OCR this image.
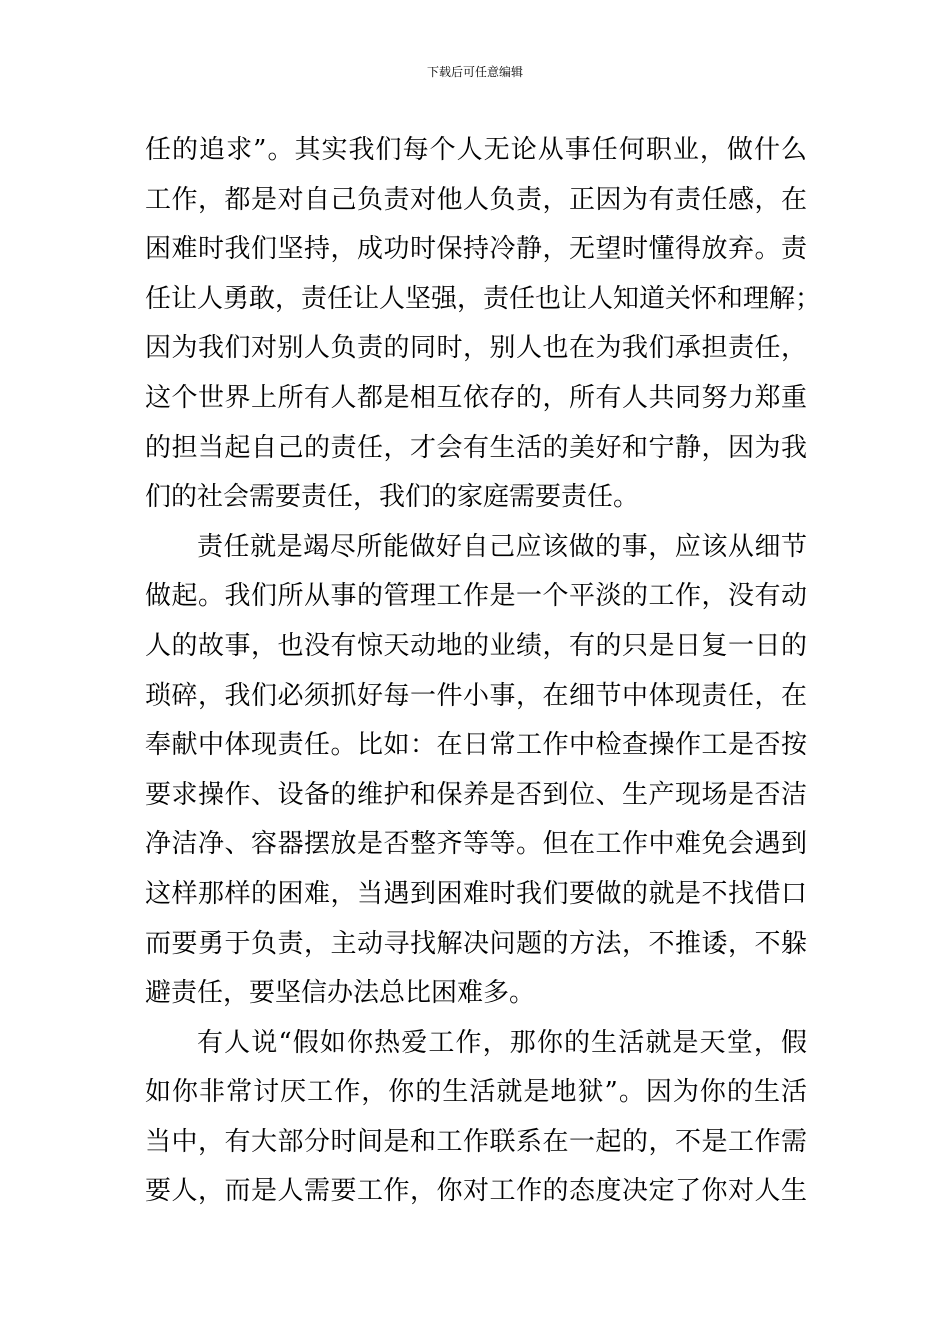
下载后可任意编辑
任的追求”。其实我们每个人无论从事任何职业，做什么
工作，都是对自己负责对他人负责，正因为有责任感，在
困难时我们坚持，成功时保持冷静，无望时懂得放弃。责
任让人勇敢，责任让人坚强，责任也让人知道关怀和理解；
因为我们对别人负责的同时，别人也在为我们承担责任，
这个世界上所有人都是相互依存的，所有人共同努力郑重
的担当起自己的责任，才会有生活的美好和宁静，因为我
们的社会需要责任，我们的家庭需要责任。
责任就是竭尽所能做好自己应该做的事，应该从细节
做起。我们所从事的管理工作是一个平淡的工作，没有动
人的故事，也没有惊天动地的业绩，有的只是日复一日的
琐碎，我们必须抓好每一件小事，在细节中体现责任，在
奉献中体现责任。比如：在日常工作中检查操作工是否按
要求操作、设备的维护和保养是否到位、生产现场是否洁
净洁净、容器摆放是否整齐等等。但在工作中难免会遇到
这样那样的困难，当遇到困难时我们要做的就是不找借口
而要勇于负责，主动寻找解决问题的方法，不推诿，不躲
避责任，要坚信办法总比困难多。
有人说“假如你热爱工作，那你的生活就是天堂，假
如你非常讨厌工作，你的生活就是地狱”。因为你的生活
当中，有大部分时间是和工作联系在一起的，不是工作需
要人，而是人需要工作，你对工作的态度决定了你对人生
